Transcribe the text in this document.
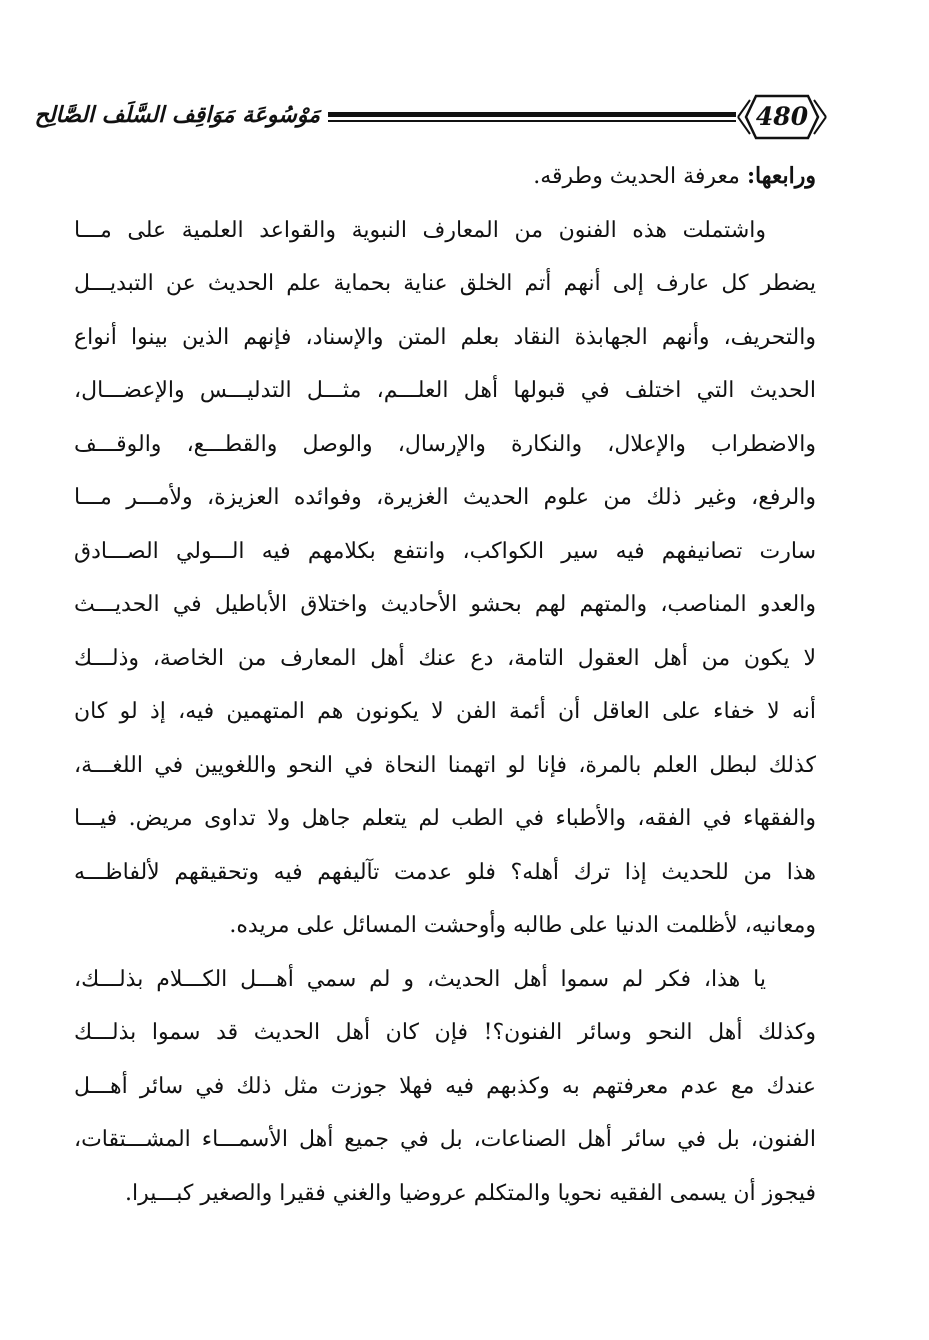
مَوْسُوعَة مَوَاقِف السَّلَف الصَّالِح	480
ورابعها: معرفة الحديث وطرقه.
واشتملت هذه الفنون من المعارف النبوية والقواعد العلمية على مـــا
يضطر كل عارف إلى أنهم أتم الخلق عناية بحماية علم الحديث عن التبديـــل
والتحريف، وأنهم الجهابذة النقاد بعلم المتن والإسناد، فإنهم الذين بينوا أنواع
الحديث التي اختلف في قبولها أهل العلـــم، مثـــل التدليـــس والإعضـــال،
والاضطراب والإعلال، والنكارة والإرسال، والوصل والقطـــع، والوقـــف
والرفع، وغير ذلك من علوم الحديث الغزيرة، وفوائده العزيزة، ولأمـــر مـــا
سارت تصانيفهم فيه سير الكواكب، وانتفع بكلامهم فيه الـــولي الصـــادق
والعدو المناصب، والمتهم لهم بحشو الأحاديث واختلاق الأباطيل في الحديـــث
لا يكون من أهل العقول التامة، دع عنك أهل المعارف من الخاصة، وذلـــك
أنه لا خفاء على العاقل أن أئمة الفن لا يكونون هم المتهمين فيه، إذ لو كان
كذلك لبطل العلم بالمرة، فإنا لو اتهمنا النحاة في النحو واللغويين في اللغـــة،
والفقهاء في الفقه، والأطباء في الطب لم يتعلم جاهل ولا تداوى مريض. فيـــا
هذا من للحديث إذا ترك أهله؟ فلو عدمت تآليفهم فيه وتحقيقهم لألفاظـــه
ومعانيه، لأظلمت الدنيا على طالبه وأوحشت المسائل على مريده.
يا هذا، فكر لم سموا أهل الحديث، و لم سمي أهـــل الكـــلام بذلـــك،
وكذلك أهل النحو وسائر الفنون؟! فإن كان أهل الحديث قد سموا بذلـــك
عندك مع عدم معرفتهم به وكذبهم فيه فهلا جوزت مثل ذلك في سائر أهـــل
الفنون، بل في سائر أهل الصناعات، بل في جميع أهل الأسمـــاء المشـــتقات،
فيجوز أن يسمى الفقيه نحويا والمتكلم عروضيا والغني فقيرا والصغير كبـــيرا.
